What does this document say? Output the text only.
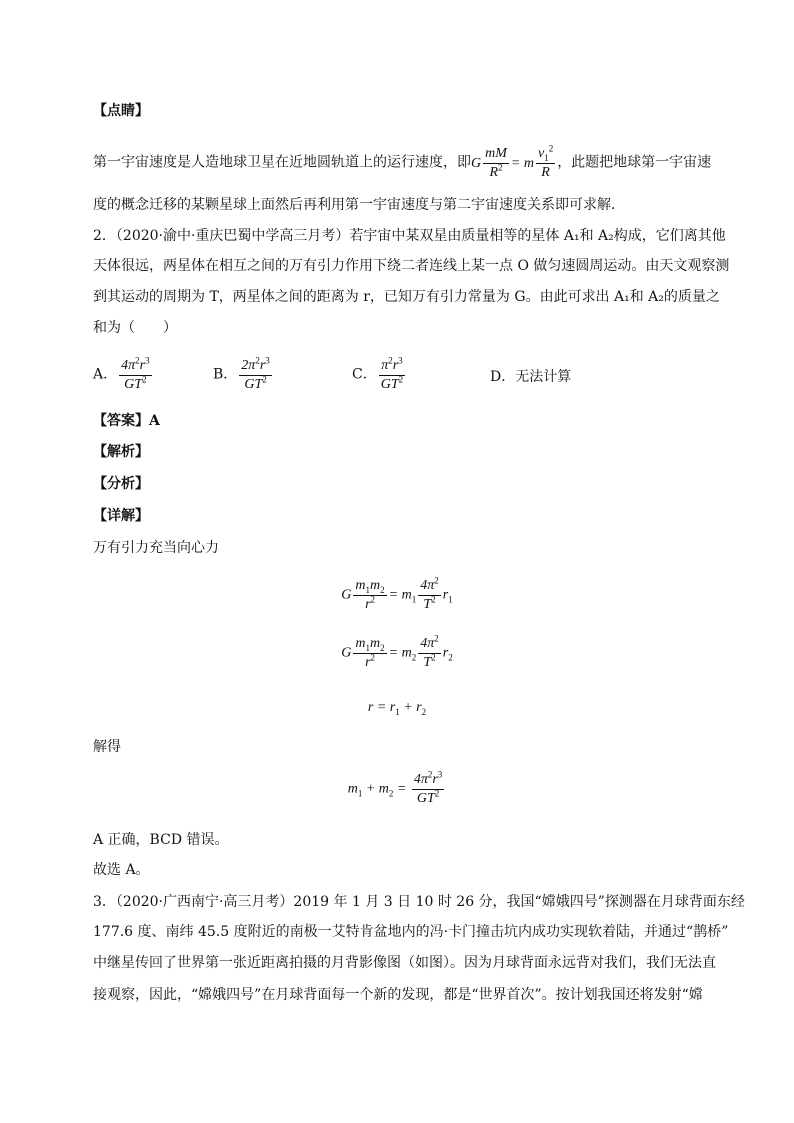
【点睛】
第一宇宙速度是人造地球卫星在近地圆轨道上的运行速度，即G $\frac{mM}{R^2} = m \frac{v_1^2}{R}$ ，此题把地球第一宇宙速
度的概念迁移的某颗星球上面然后再利用第一宇宙速度与第二宇宙速度关系即可求解．
2．（2020·渝中·重庆巴蜀中学高三月考）若宇宙中某双星由质量相等的星体 A₁和 A₂构成，它们离其他
天体很远，两星体在相互之间的万有引力作用下绕二者连线上某一点 O 做匀速圆周运动。由天文观察测
到其运动的周期为 T，两星体之间的距离为 r，已知万有引力常量为 G。由此可求出 A₁和 A₂的质量之
和为（　　）
A． $\frac{4\pi^2r^3}{GT^2}$	B． $\frac{2\pi^2r^3}{GT^2}$	C． $\frac{\pi^2r^3}{GT^2}$	D．无法计算
【答案】A
【解析】
【分析】
【详解】
万有引力充当向心力
G $\frac{m_1m_2}{r^2} = m_1 \frac{4\pi^2}{T^2} r_1$
G $\frac{m_1m_2}{r^2} = m_2 \frac{4\pi^2}{T^2} r_2$
$r = r_1 + r_2$
解得
$m_1 + m_2 = \frac{4\pi^2r^3}{GT^2}$
A 正确，BCD 错误。
故选 A。
3．（2020·广西南宁·高三月考）2019 年 1 月 3 日 10 时 26 分，我国“嫦娥四号”探测器在月球背面东经
177.6 度、南纬 45.5 度附近的南极一艾特肯盆地内的冯·卡门撞击坑内成功实现软着陆，并通过“鹊桥”
中继星传回了世界第一张近距离拍摄的月背影像图（如图）。因为月球背面永远背对我们，我们无法直
接观察，因此，“嫦娥四号”在月球背面每一个新的发现，都是“世界首次”。按计划我国还将发射“嫦
